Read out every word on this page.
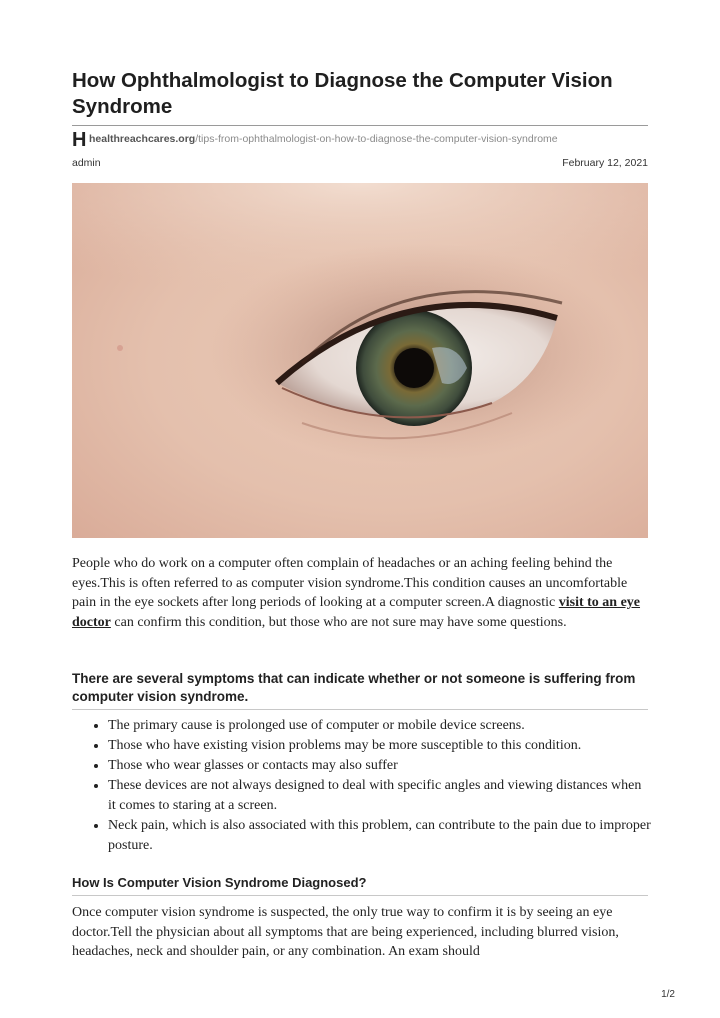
How Ophthalmologist to Diagnose the Computer Vision Syndrome
H healthreachcares.org/tips-from-ophthalmologist-on-how-to-diagnose-the-computer-vision-syndrome
admin	February 12, 2021

People who do work on a computer often complain of headaches or an aching feeling behind the eyes.This is often referred to as computer vision syndrome.This condition causes an uncomfortable pain in the eye sockets after long periods of looking at a computer screen.A diagnostic visit to an eye doctor can confirm this condition, but those who are not sure may have some questions.

There are several symptoms that can indicate whether or not someone is suffering from computer vision syndrome.
• The primary cause is prolonged use of computer or mobile device screens.
• Those who have existing vision problems may be more susceptible to this condition.
• Those who wear glasses or contacts may also suffer
• These devices are not always designed to deal with specific angles and viewing distances when it comes to staring at a screen.
• Neck pain, which is also associated with this problem, can contribute to the pain due to improper posture.
How Is Computer Vision Syndrome Diagnosed?

Once computer vision syndrome is suspected, the only true way to confirm it is by seeing an eye doctor.Tell the physician about all symptoms that are being experienced, including blurred vision, headaches, neck and shoulder pain, or any combination. An exam should

1/2
